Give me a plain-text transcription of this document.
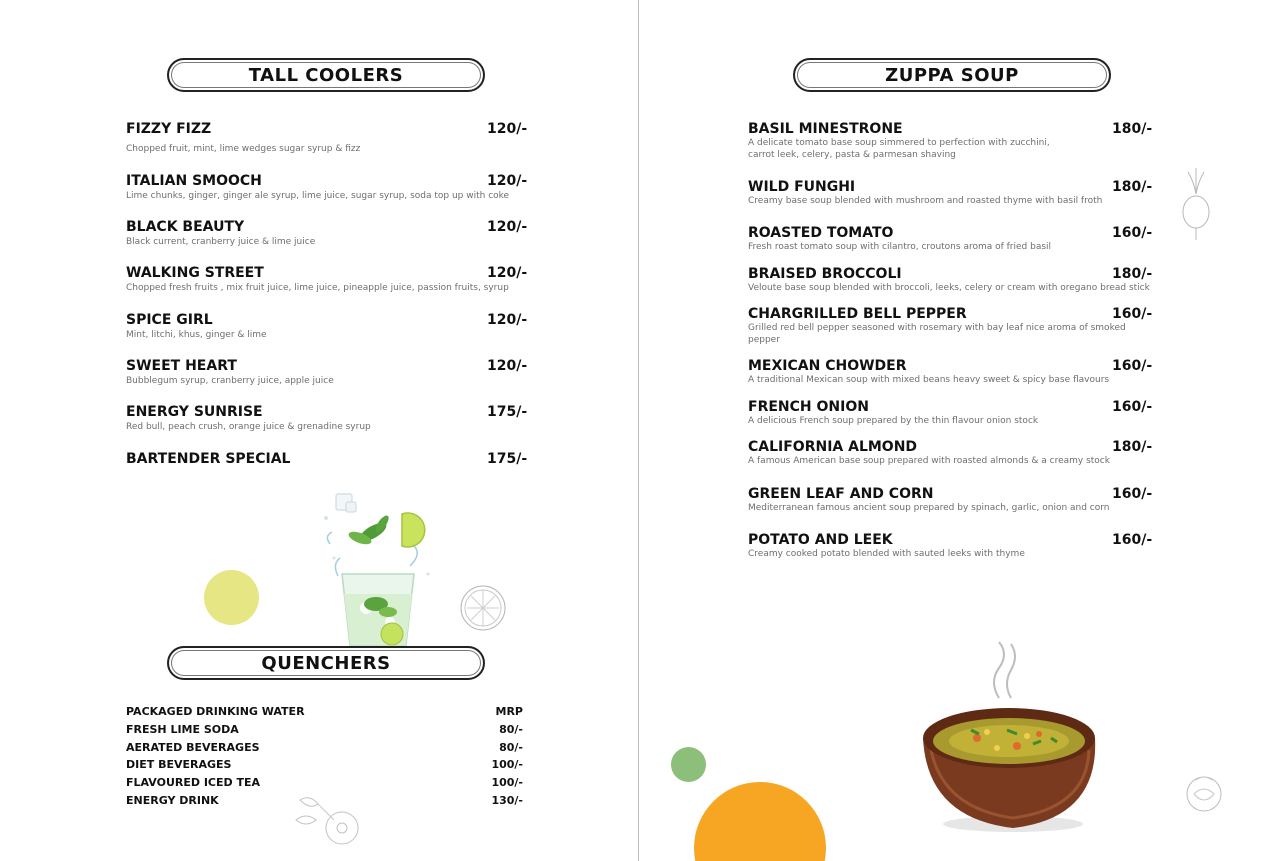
TALL COOLERS
FIZZY FIZZ	120/-
Chopped fruit, mint, lime wedges sugar syrup & fizz
ITALIAN SMOOCH	120/-
Lime chunks, ginger, ginger ale syrup, lime juice, sugar syrup, soda top up with coke
BLACK BEAUTY	120/-
Black current, cranberry juice & lime juice
WALKING STREET	120/-
Chopped fresh fruits , mix fruit juice, lime juice, pineapple juice, passion fruits, syrup
SPICE GIRL	120/-
Mint, litchi, khus, ginger & lime
SWEET HEART	120/-
Bubblegum syrup, cranberry juice, apple juice
ENERGY SUNRISE	175/-
Red bull, peach crush, orange juice & grenadine syrup
BARTENDER SPECIAL	175/-
QUENCHERS
PACKAGED DRINKING WATER	MRP
FRESH LIME SODA	80/-
AERATED BEVERAGES	80/-
DIET BEVERAGES	100/-
FLAVOURED ICED TEA	100/-
ENERGY DRINK	130/-
ZUPPA SOUP
BASIL MINESTRONE	180/-
A delicate tomato base soup simmered to perfection with zucchini,
carrot leek, celery, pasta & parmesan shaving
WILD FUNGHI	180/-
Creamy base soup blended with mushroom and roasted thyme with basil froth
ROASTED TOMATO	160/-
Fresh roast tomato soup with cilantro, croutons aroma of fried basil
BRAISED BROCCOLI	180/-
Veloute base soup blended with broccoli, leeks, celery or cream with oregano bread stick
CHARGRILLED BELL PEPPER	160/-
Grilled red bell pepper seasoned with rosemary with bay leaf nice aroma of smoked
pepper
MEXICAN CHOWDER	160/-
A traditional Mexican soup with mixed beans heavy sweet & spicy base flavours
FRENCH ONION	160/-
A delicious French soup prepared by the thin flavour onion stock
CALIFORNIA ALMOND	180/-
A famous American base soup prepared with roasted almonds & a creamy stock
GREEN LEAF AND CORN	160/-
Mediterranean famous ancient soup prepared by spinach, garlic, onion and corn
POTATO AND LEEK	160/-
Creamy cooked potato blended with sauted leeks with thyme
